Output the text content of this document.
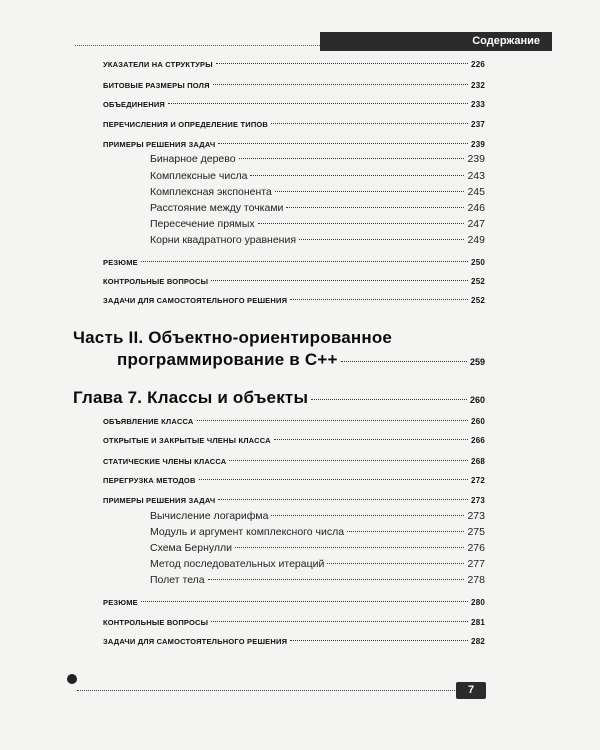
Содержание
УКАЗАТЕЛИ НА СТРУКТУРЫ	226
БИТОВЫЕ РАЗМЕРЫ ПОЛЯ	232
ОБЪЕДИНЕНИЯ	233
ПЕРЕЧИСЛЕНИЯ И ОПРЕДЕЛЕНИЕ ТИПОВ	237
ПРИМЕРЫ РЕШЕНИЯ ЗАДАЧ	239
Бинарное дерево	239
Комплексные числа	243
Комплексная экспонента	245
Расстояние между точками	246
Пересечение прямых	247
Корни квадратного уравнения	249
РЕЗЮМЕ	250
КОНТРОЛЬНЫЕ ВОПРОСЫ	252
ЗАДАЧИ ДЛЯ САМОСТОЯТЕЛЬНОГО РЕШЕНИЯ	252
Часть II. Объектно-ориентированное
программирование в C++	259
Глава 7. Классы и объекты	260
ОБЪЯВЛЕНИЕ КЛАССА	260
ОТКРЫТЫЕ И ЗАКРЫТЫЕ ЧЛЕНЫ КЛАССА	266
СТАТИЧЕСКИЕ ЧЛЕНЫ КЛАССА	268
ПЕРЕГРУЗКА МЕТОДОВ	272
ПРИМЕРЫ РЕШЕНИЯ ЗАДАЧ	273
Вычисление логарифма	273
Модуль и аргумент комплексного числа	275
Схема Бернулли	276
Метод последовательных итераций	277
Полет тела	278
РЕЗЮМЕ	280
КОНТРОЛЬНЫЕ ВОПРОСЫ	281
ЗАДАЧИ ДЛЯ САМОСТОЯТЕЛЬНОГО РЕШЕНИЯ	282
7
